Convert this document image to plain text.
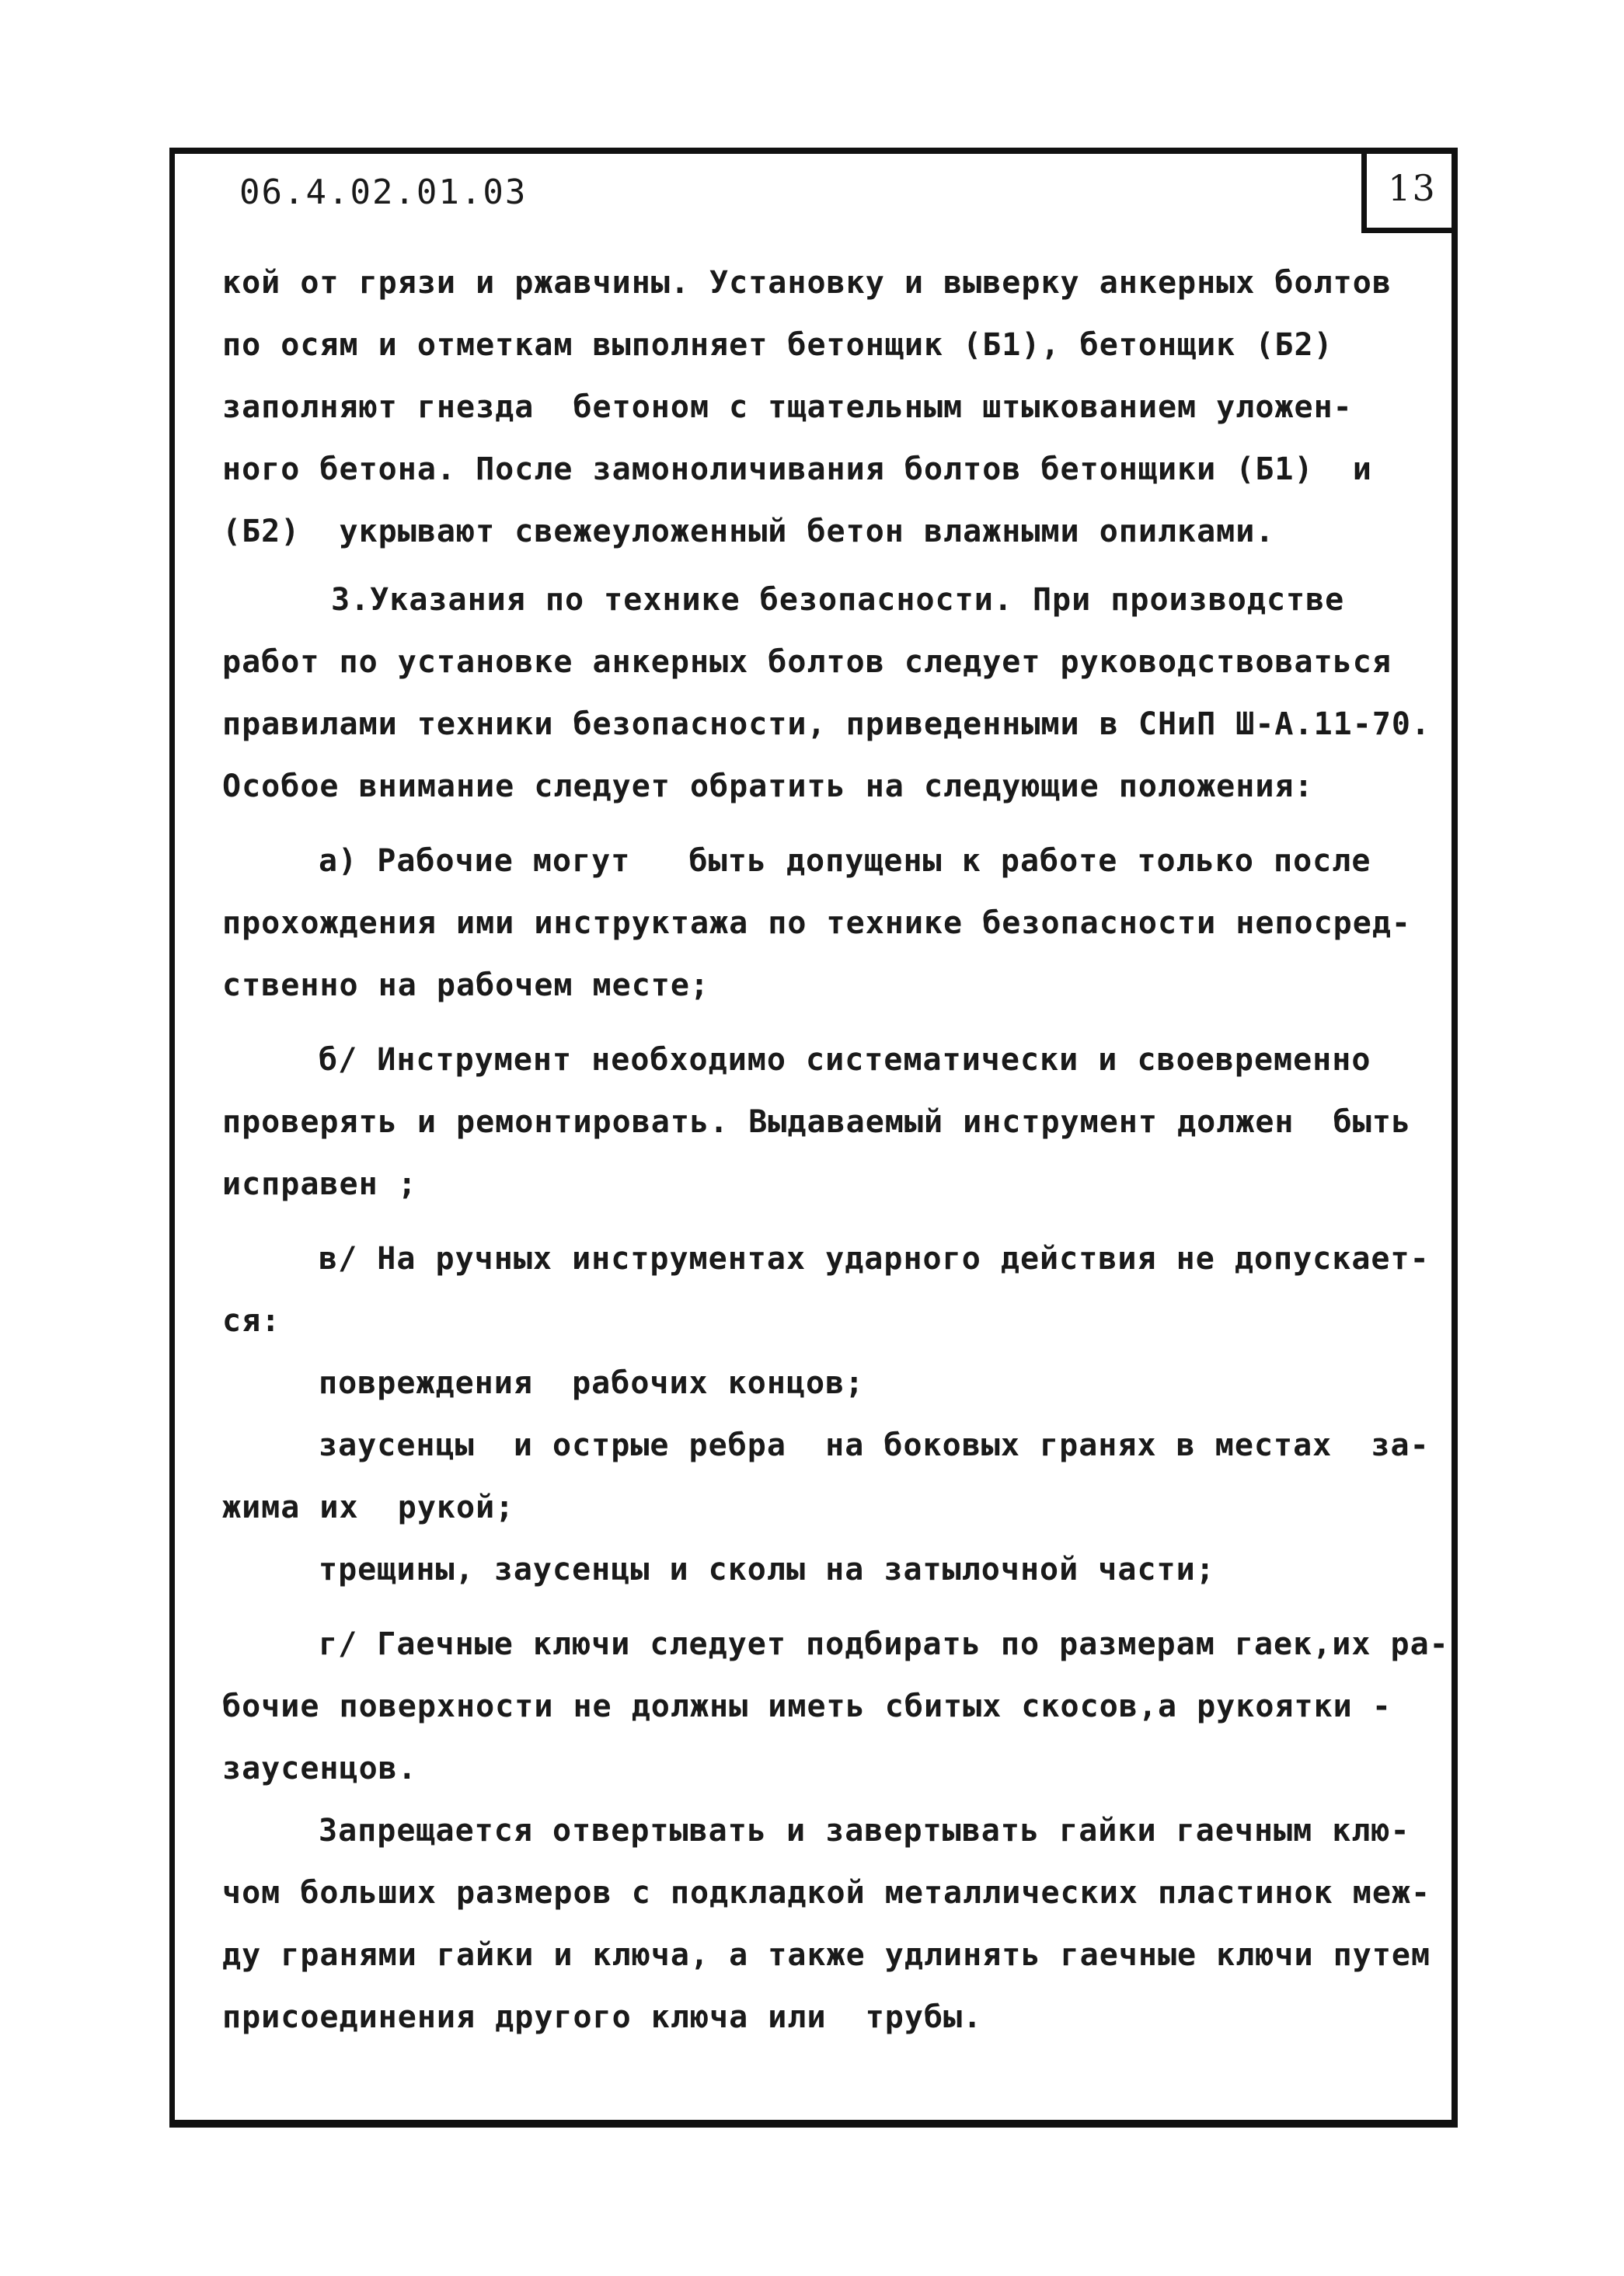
13
06.4.02.01.03
кой от грязи и ржавчины. Установку и выверку анкерных болтов
по осям и отметкам выполняет бетонщик (Б1), бетонщик (Б2)
заполняют гнезда  бетоном с тщательным штыкованием уложен-
ного бетона. После замоноличивания болтов бетонщики (Б1)  и
(Б2)  укрывают свежеуложенный бетон влажными опилками.
3.Указания по технике безопасности. При производстве
работ по установке анкерных болтов следует руководствоваться
правилами техники безопасности, приведенными в СНиП Ш-А.11-70.
Особое внимание следует обратить на следующие положения:
а) Рабочие могут   быть допущены к работе только после
прохождения ими инструктажа по технике безопасности непосред-
ственно на рабочем месте;
б/ Инструмент необходимо систематически и своевременно
проверять и ремонтировать. Выдаваемый инструмент должен  быть
исправен ;
в/ На ручных инструментах ударного действия не допускает-
ся:
повреждения  рабочих концов;
заусенцы  и острые ребра  на боковых гранях в местах  за-
жима их  рукой;
трещины, заусенцы и сколы на затылочной части;
г/ Гаечные ключи следует подбирать по размерам гаек,их ра-
бочие поверхности не должны иметь сбитых скосов,а рукоятки -
заусенцов.
Запрещается отвертывать и завертывать гайки гаечным клю-
чом больших размеров с подкладкой металлических пластинок меж-
ду гранями гайки и ключа, а также удлинять гаечные ключи путем
присоединения другого ключа или  трубы.
